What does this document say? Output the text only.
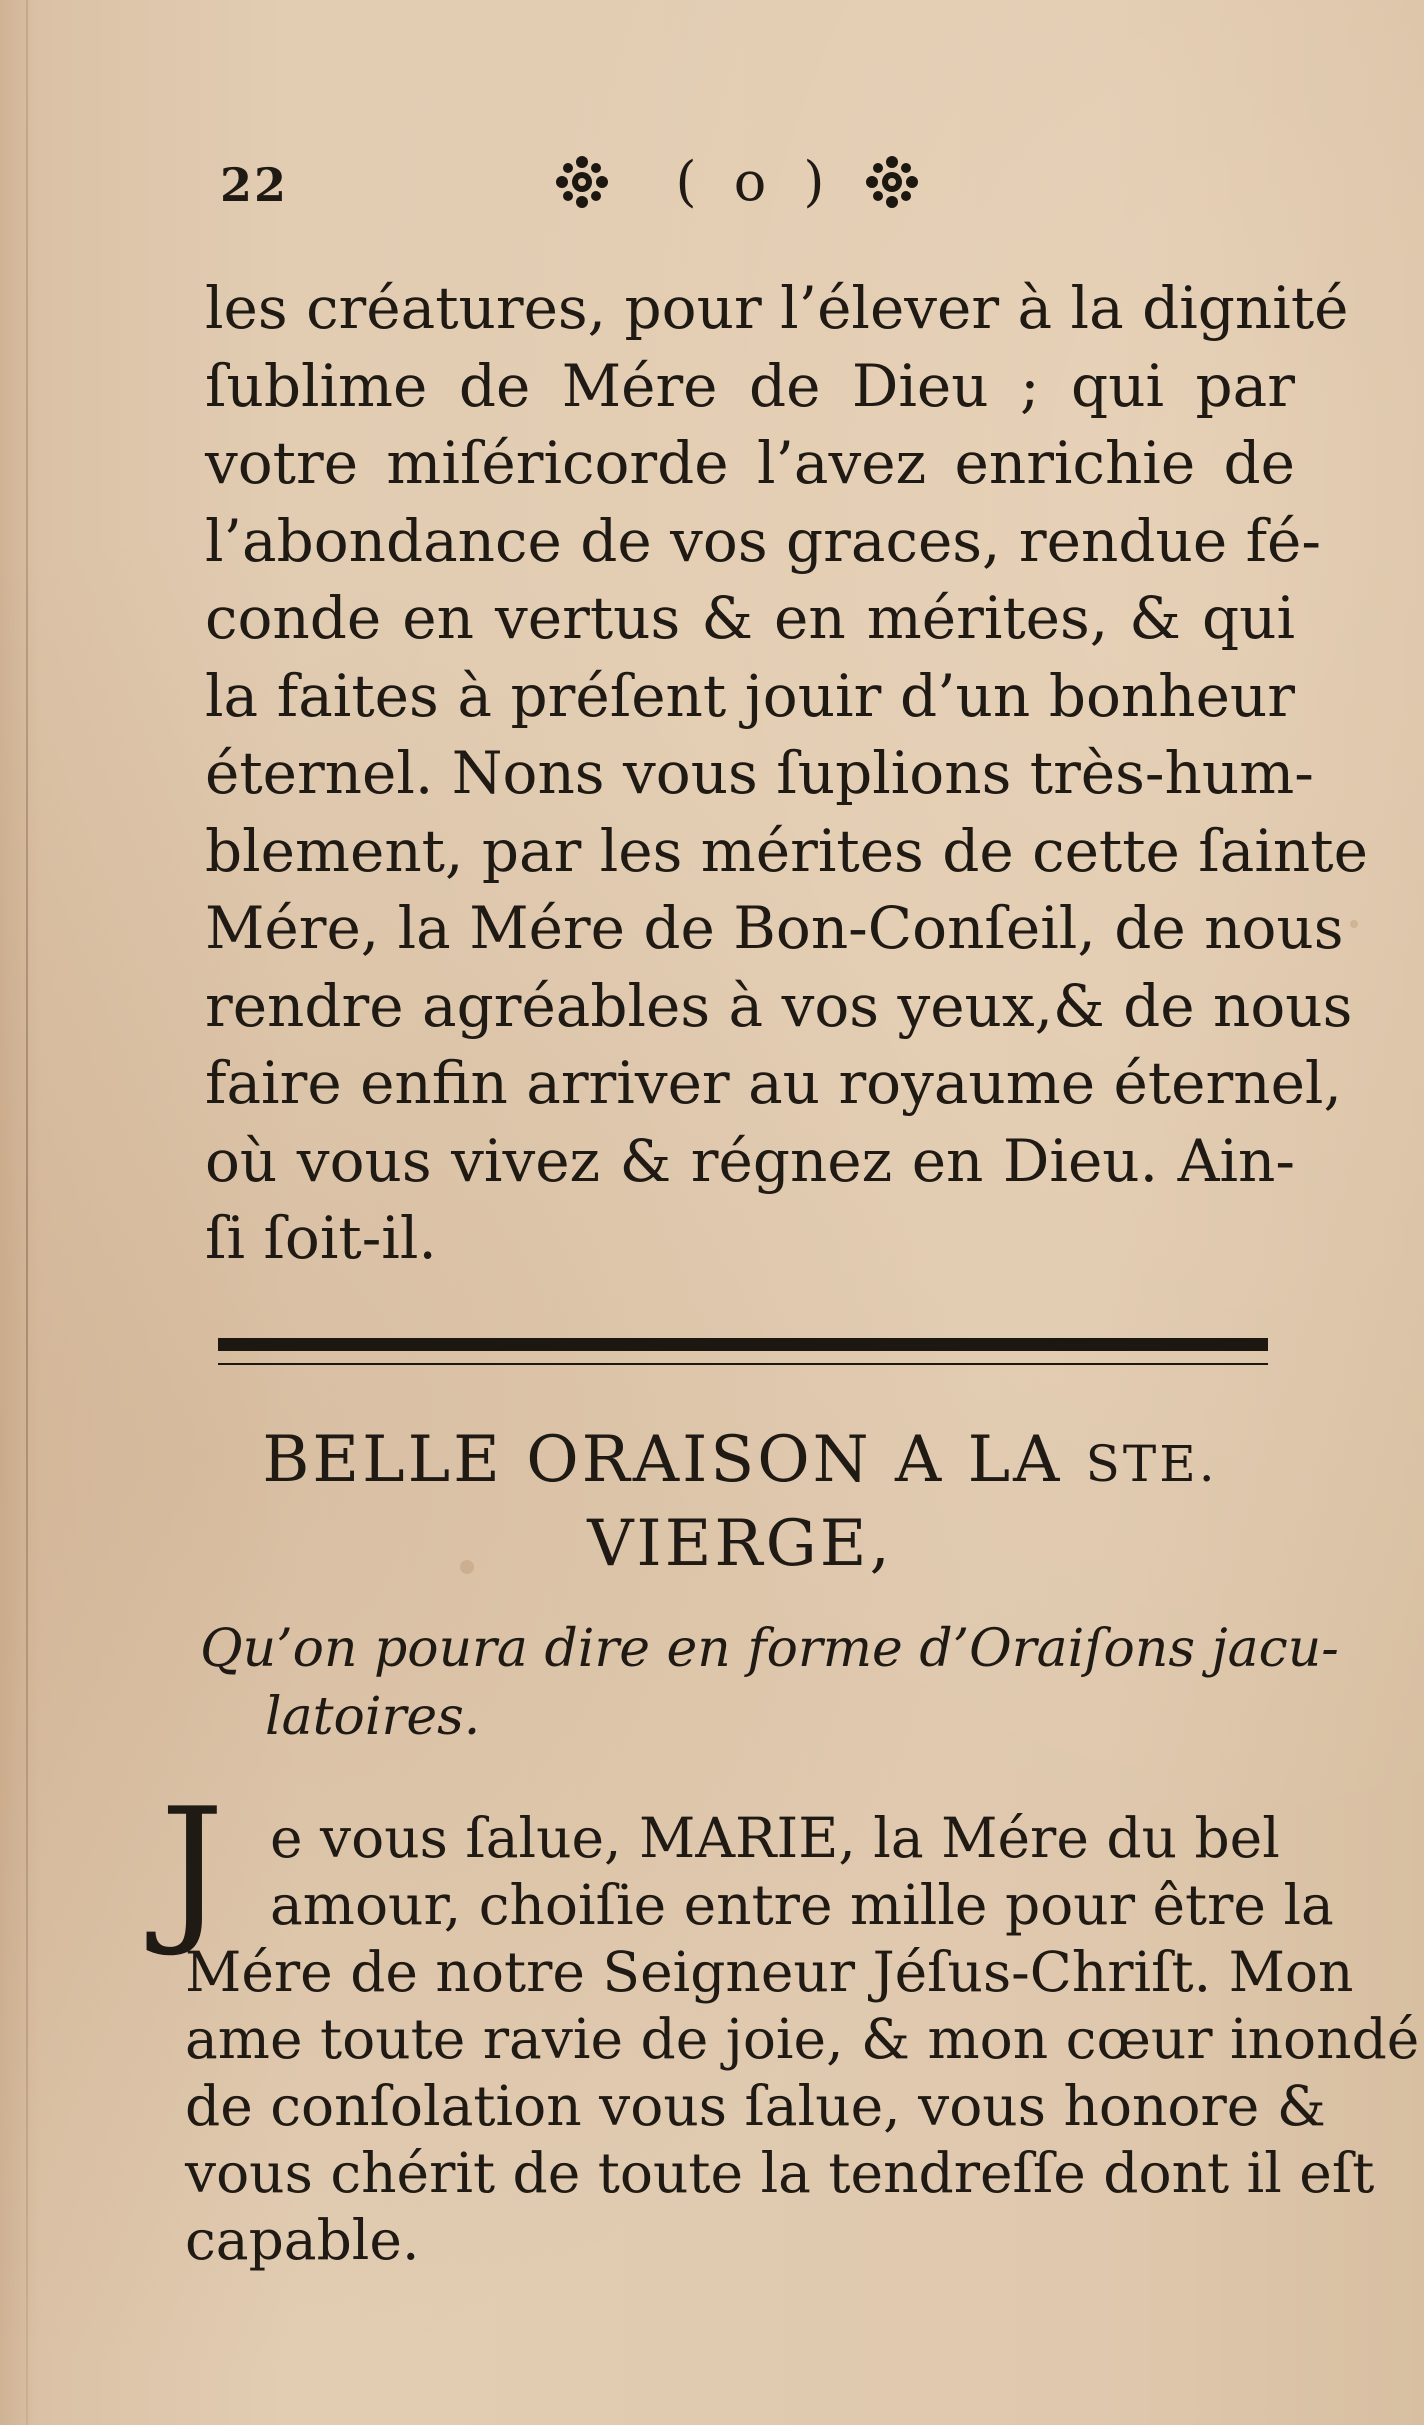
22	( o )
les créatures, pour l’élever à la dignité
ſublime de Mére de Dieu ; qui par
votre miſéricorde l’avez enrichie de
l’abondance de vos graces, rendue fé-
conde en vertus & en mérites, & qui
la faites à préſent jouir d’un bonheur
éternel. Nons vous ſuplions très-hum-
blement, par les mérites de cette ſainte
Mére, la Mére de Bon-Conſeil, de nous
rendre agréables à vos yeux,& de nous
faire enfin arriver au royaume éternel,
où vous vivez & régnez en Dieu. Ain-
ſi ſoit-il.
BELLE ORAISON A LA STE.
VIERGE,
Qu’on poura dire en forme d’Oraiſons jacu-
latoires.
J e vous ſalue, MARIE, la Mére du bel
amour, choiſie entre mille pour être la
Mére de notre Seigneur Jéſus-Chriſt. Mon
ame toute ravie de joie, & mon cœur inondé
de conſolation vous ſalue, vous honore &
vous chérit de toute la tendreſſe dont il eſt
capable.
